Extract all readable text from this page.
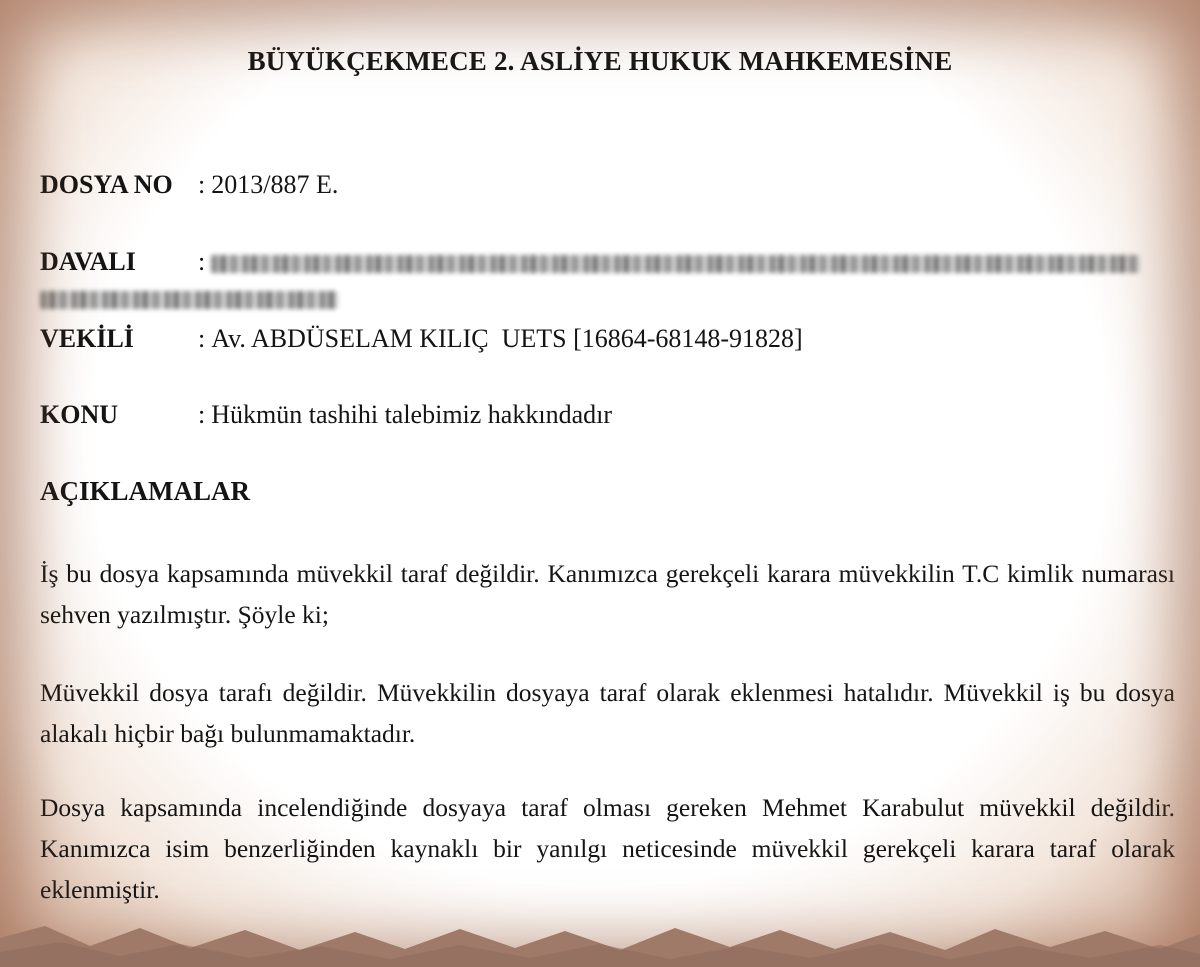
BÜYÜKÇEKMECE 2. ASLİYE HUKUK MAHKEMESİNE
DOSYA NO : 2013/887 E.
DAVALI :
VEKİLİ : Av. ABDÜSELAM KILIÇ  UETS [16864-68148-91828]
KONU	: Hükmün tashihi talebimiz hakkındadır
AÇIKLAMALAR
İş bu dosya kapsamında müvekkil taraf değildir. Kanımızca gerekçeli karara müvekkilin T.C kimlik numarası sehven yazılmıştır. Şöyle ki;
Müvekkil dosya tarafı değildir. Müvekkilin dosyaya taraf olarak eklenmesi hatalıdır. Müvekkil iş bu dosya alakalı hiçbir bağı bulunmamaktadır.
Dosya kapsamında incelendiğinde dosyaya taraf olması gereken Mehmet Karabulut müvekkil değildir. Kanımızca isim benzerliğinden kaynaklı bir yanılgı neticesinde müvekkil gerekçeli karara taraf olarak eklenmiştir.
